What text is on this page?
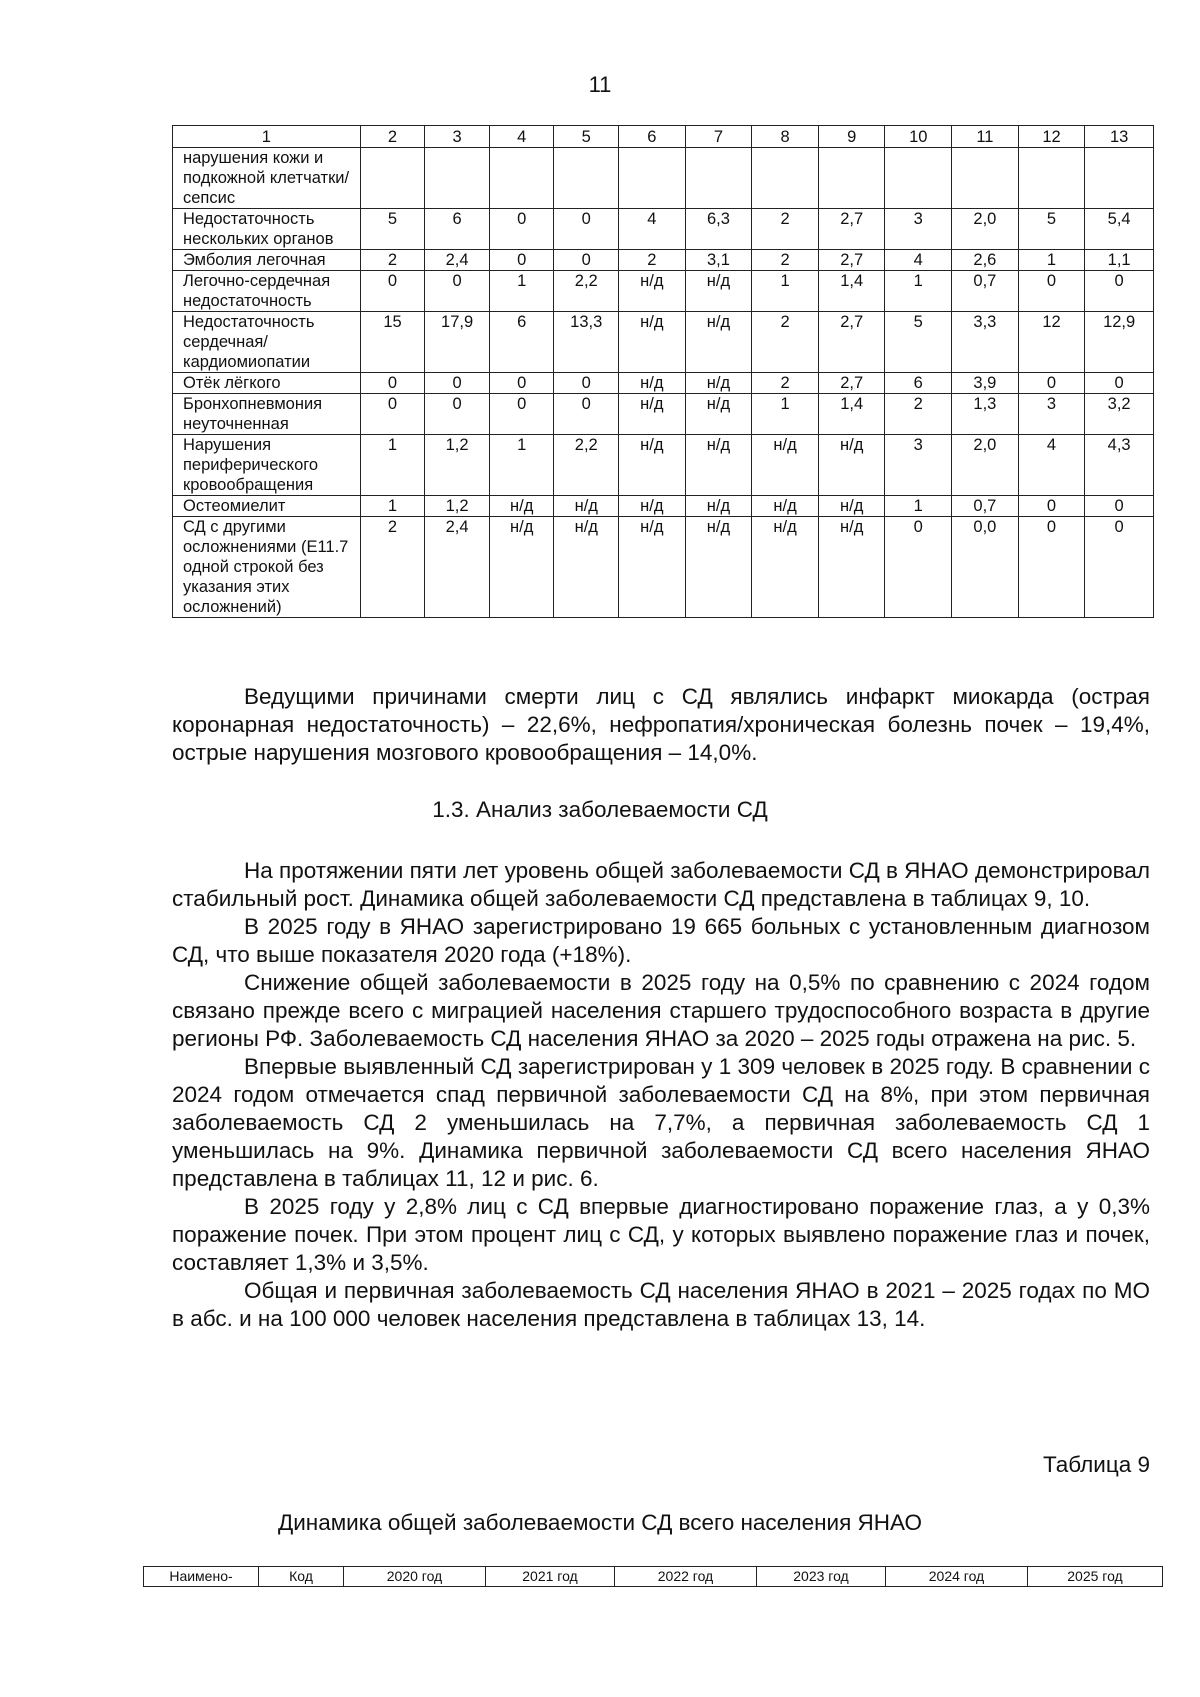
11
1	2	3	4	5	6	7	8	9	10	11	12	13
нарушения кожи и подкожной клетчатки/сепсис												
Недостаточность нескольких органов	5	6	0	0	4	6,3	2	2,7	3	2,0	5	5,4
Эмболия легочная	2	2,4	0	0	2	3,1	2	2,7	4	2,6	1	1,1
Легочно-сердечная недостаточность	0	0	1	2,2	н/д	н/д	1	1,4	1	0,7	0	0
Недостаточность сердечная/ кардиомиопатии	15	17,9	6	13,3	н/д	н/д	2	2,7	5	3,3	12	12,9
Отёк лёгкого	0	0	0	0	н/д	н/д	2	2,7	6	3,9	0	0
Бронхопневмония неуточненная	0	0	0	0	н/д	н/д	1	1,4	2	1,3	3	3,2
Нарушения периферического кровообращения	1	1,2	1	2,2	н/д	н/д	н/д	н/д	3	2,0	4	4,3
Остеомиелит	1	1,2	н/д	н/д	н/д	н/д	н/д	н/д	1	0,7	0	0
СД с другими осложнениями (Е11.7 одной строкой без указания этих осложнений)	2	2,4	н/д	н/д	н/д	н/д	н/д	н/д	0	0,0	0	0

Ведущими причинами смерти лиц с СД являлись инфаркт миокарда (острая коронарная недостаточность) – 22,6%, нефропатия/хроническая болезнь почек – 19,4%, острые нарушения мозгового кровообращения – 14,0%.

1.3. Анализ заболеваемости СД

На протяжении пяти лет уровень общей заболеваемости СД в ЯНАО демонстрировал стабильный рост. Динамика общей заболеваемости СД представлена в таблицах 9, 10.

В 2025 году в ЯНАО зарегистрировано 19 665 больных с установленным диагнозом СД, что выше показателя 2020 года (+18%).

Снижение общей заболеваемости в 2025 году на 0,5% по сравнению с 2024 годом связано прежде всего с миграцией населения старшего трудоспособного возраста в другие регионы РФ. Заболеваемость СД населения ЯНАО за 2020 – 2025 годы отражена на рис. 5.

Впервые выявленный СД зарегистрирован у 1 309 человек в 2025 году. В сравнении с 2024 годом отмечается спад первичной заболеваемости СД на 8%, при этом первичная заболеваемость СД 2 уменьшилась на 7,7%, а первичная заболеваемость СД 1 уменьшилась на 9%. Динамика первичной заболеваемости СД всего населения ЯНАО представлена в таблицах 11, 12 и рис. 6.

В 2025 году у 2,8% лиц с СД впервые диагностировано поражение глаз, а у 0,3% поражение почек. При этом процент лиц с СД, у которых выявлено поражение глаз и почек, составляет 1,3% и 3,5%.

Общая и первичная заболеваемость СД населения ЯНАО в 2021 – 2025 годах по МО в абс. и на 100 000 человек населения представлена в таблицах 13, 14.

Таблица 9
Динамика общей заболеваемости СД всего населения ЯНАО
Наимено-	Код	2020 год	2021 год	2022 год	2023 год	2024 год	2025 год
